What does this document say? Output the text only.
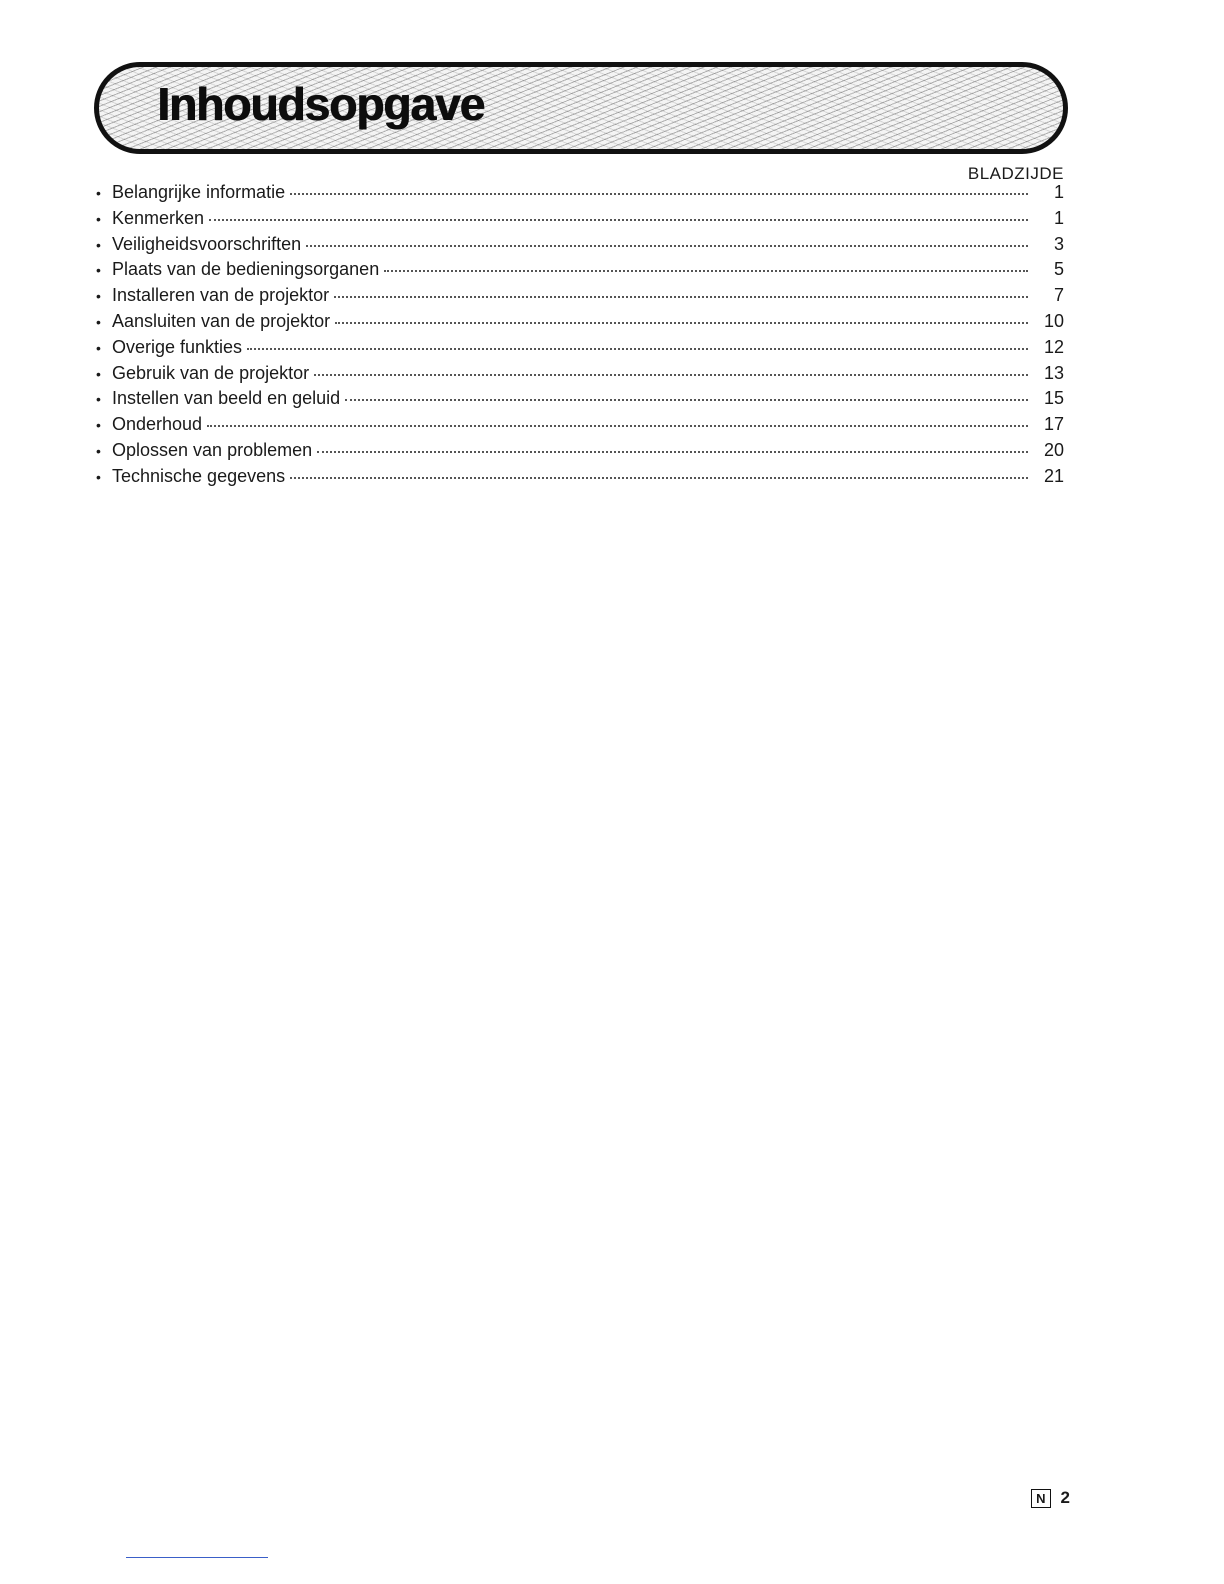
Inhoudsopgave
BLADZIJDE
• Belangrijke informatie	1
• Kenmerken	1
• Veiligheidsvoorschriften	3
• Plaats van de bedieningsorganen	5
• Installeren van de projektor	7
• Aansluiten van de projektor	10
• Overige funkties	12
• Gebruik van de projektor	13
• Instellen van beeld en geluid	15
• Onderhoud	17
• Oplossen van problemen	20
• Technische gegevens	21
N 2
